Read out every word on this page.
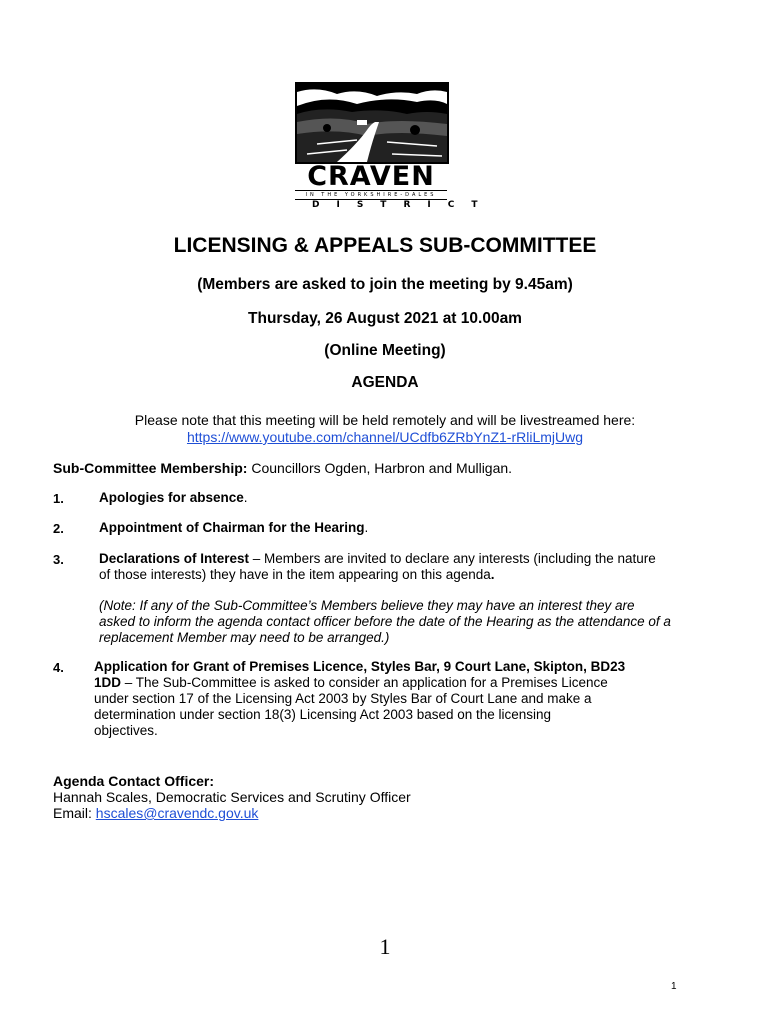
CRAVEN
IN THE YORKSHIRE-DALES
DISTRICT
LICENSING & APPEALS SUB-COMMITTEE
(Members are asked to join the meeting by 9.45am)
Thursday, 26 August 2021 at 10.00am
(Online Meeting)
AGENDA
Please note that this meeting will be held remotely and will be livestreamed here:
https://www.youtube.com/channel/UCdfb6ZRbYnZ1-rRliLmjUwg
Sub-Committee Membership: Councillors Ogden, Harbron and Mulligan.
1.	Apologies for absence.
2.	Appointment of Chairman for the Hearing.
3.	Declarations of Interest – Members are invited to declare any interests (including the nature
of those interests) they have in the item appearing on this agenda.
(Note: If any of the Sub-Committee’s Members believe they may have an interest they are
asked to inform the agenda contact officer before the date of the Hearing as the attendance of a
replacement Member may need to be arranged.)
4. Application for Grant of Premises Licence, Styles Bar, 9 Court Lane, Skipton, BD23
1DD – The Sub-Committee is asked to consider an application for a Premises Licence
under section 17 of the Licensing Act 2003 by Styles Bar of Court Lane and make a
determination under section 18(3) Licensing Act 2003 based on the licensing
objectives.
Agenda Contact Officer:
Hannah Scales, Democratic Services and Scrutiny Officer
Email: hscales@cravendc.gov.uk
1
1
